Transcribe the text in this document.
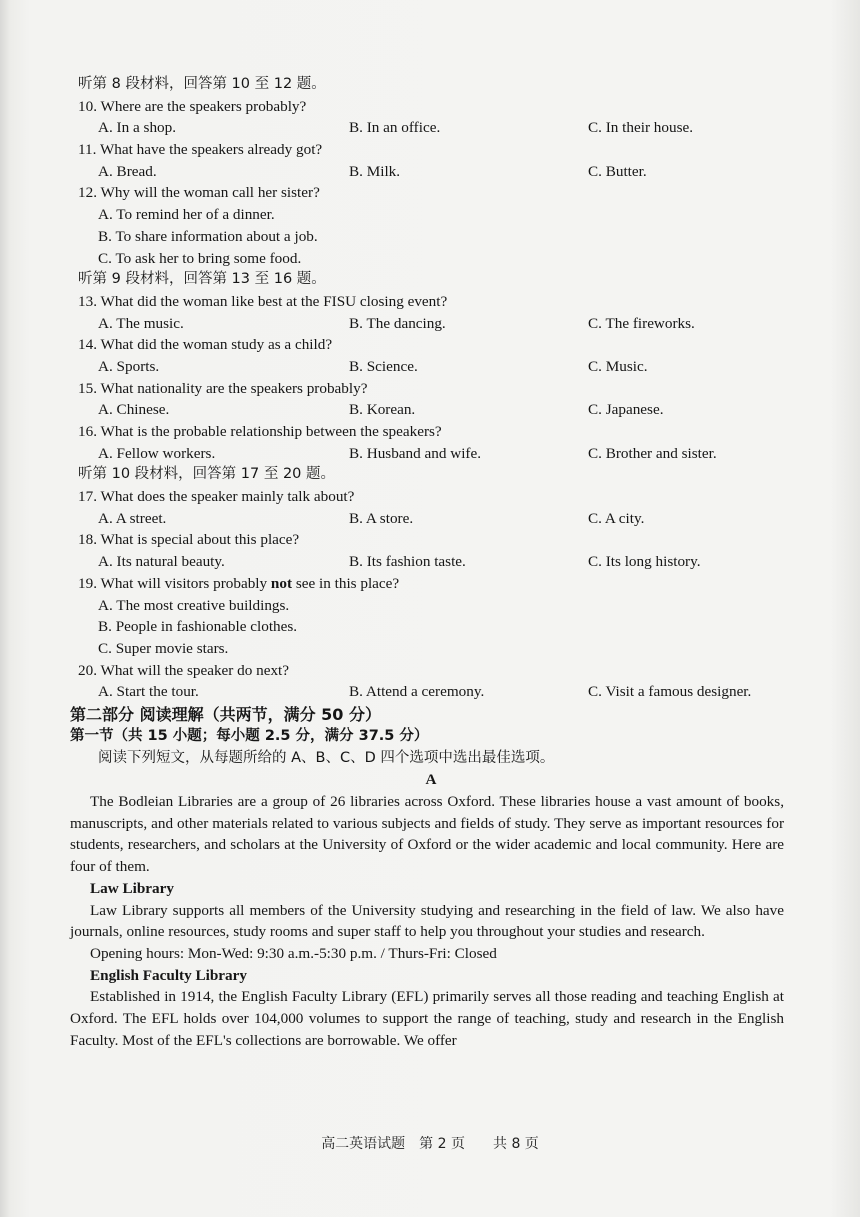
听第 8 段材料，回答第 10 至 12 题。
10. Where are the speakers probably?
A. In a shop.	B. In an office.	C. In their house.
11. What have the speakers already got?
A. Bread.	B. Milk.	C. Butter.
12. Why will the woman call her sister?
A. To remind her of a dinner.
B. To share information about a job.
C. To ask her to bring some food.
听第 9 段材料，回答第 13 至 16 题。
13. What did the woman like best at the FISU closing event?
A. The music.	B. The dancing.	C. The fireworks.
14. What did the woman study as a child?
A. Sports.	B. Science.	C. Music.
15. What nationality are the speakers probably?
A. Chinese.	B. Korean.	C. Japanese.
16. What is the probable relationship between the speakers?
A. Fellow workers.	B. Husband and wife.	C. Brother and sister.
听第 10 段材料，回答第 17 至 20 题。
17. What does the speaker mainly talk about?
A. A street.	B. A store.	C. A city.
18. What is special about this place?
A. Its natural beauty.	B. Its fashion taste.	C. Its long history.
19. What will visitors probably not see in this place?
A. The most creative buildings.
B. People in fashionable clothes.
C. Super movie stars.
20. What will the speaker do next?
A. Start the tour.	B. Attend a ceremony.	C. Visit a famous designer.
第二部分 阅读理解（共两节，满分 50 分）
第一节（共 15 小题；每小题 2.5 分，满分 37.5 分）
阅读下列短文，从每题所给的 A、B、C、D 四个选项中选出最佳选项。
A
The Bodleian Libraries are a group of 26 libraries across Oxford. These libraries house a vast amount of books, manuscripts, and other materials related to various subjects and fields of study. They serve as important resources for students, researchers, and scholars at the University of Oxford or the wider academic and local community. Here are four of them.
Law Library
Law Library supports all members of the University studying and researching in the field of law. We also have journals, online resources, study rooms and super staff to help you throughout your studies and research.
Opening hours: Mon-Wed: 9:30 a.m.-5:30 p.m. / Thurs-Fri: Closed
English Faculty Library
Established in 1914, the English Faculty Library (EFL) primarily serves all those reading and teaching English at Oxford. The EFL holds over 104,000 volumes to support the range of teaching, study and research in the English Faculty. Most of the EFL's collections are borrowable. We offer
高二英语试题　第 2 页　　共 8 页
